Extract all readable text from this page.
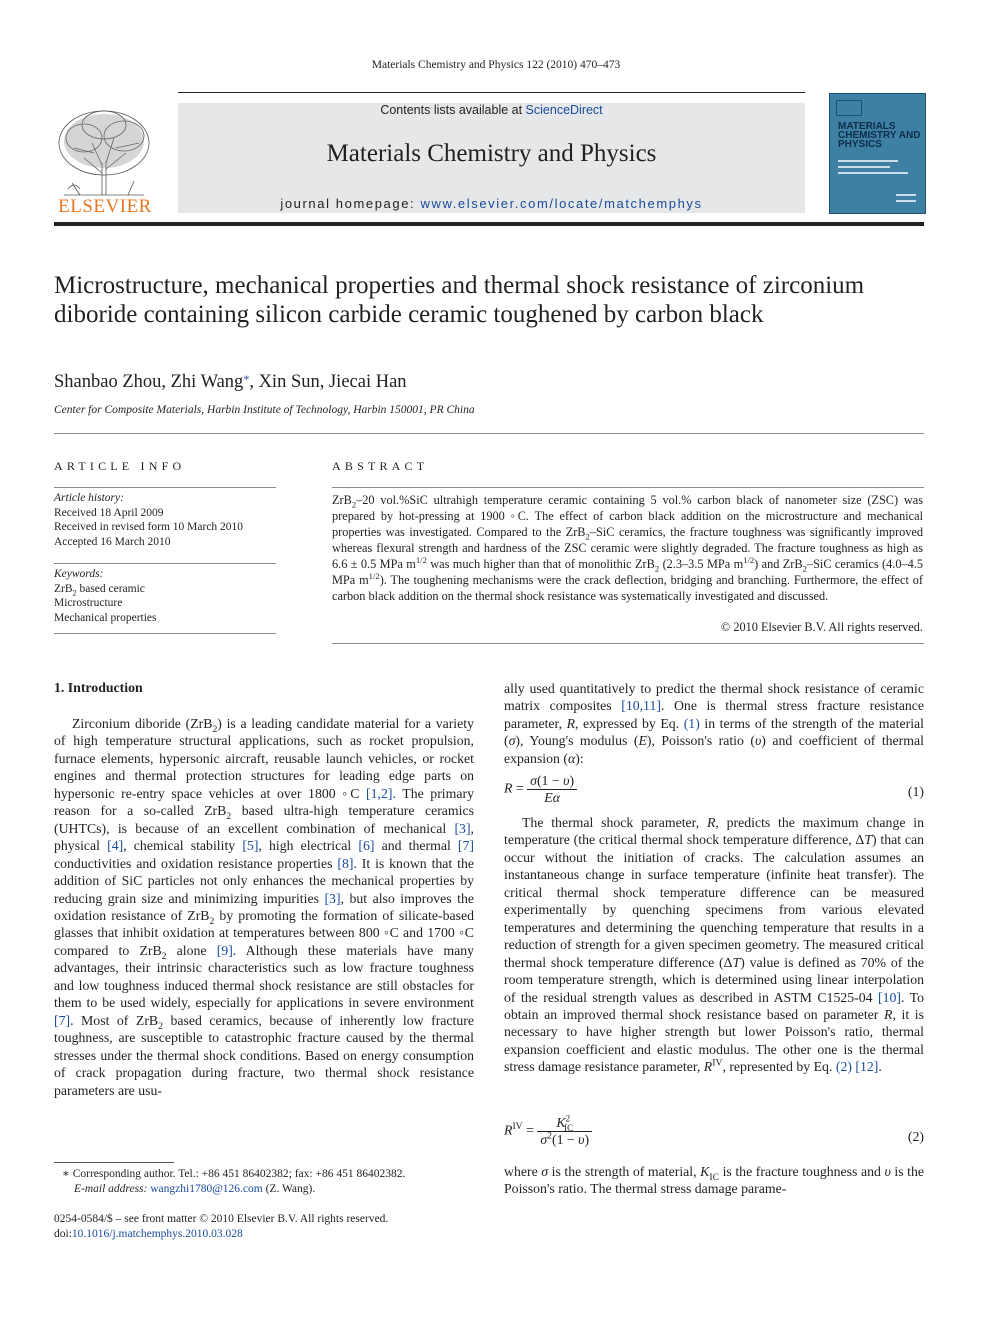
Materials Chemistry and Physics 122 (2010) 470–473
ELSEVIER
Contents lists available at ScienceDirect
Materials Chemistry and Physics
journal homepage: www.elsevier.com/locate/matchemphys
MATERIALS CHEMISTRY AND PHYSICS
Microstructure, mechanical properties and thermal shock resistance of zirconium diboride containing silicon carbide ceramic toughened by carbon black
Shanbao Zhou, Zhi Wang*, Xin Sun, Jiecai Han
Center for Composite Materials, Harbin Institute of Technology, Harbin 150001, PR China
ARTICLE INFO
Article history:
Received 18 April 2009
Received in revised form 10 March 2010
Accepted 16 March 2010
Keywords:
ZrB$_2$ based ceramic
Microstructure
Mechanical properties
ABSTRACT
ZrB$_2$–20 vol.%SiC ultrahigh temperature ceramic containing 5 vol.% carbon black of nanometer size (ZSC) was prepared by hot-pressing at 1900 ◦C. The effect of carbon black addition on the microstructure and mechanical properties was investigated. Compared to the ZrB$_2$–SiC ceramics, the fracture toughness was significantly improved whereas flexural strength and hardness of the ZSC ceramic were slightly degraded. The fracture toughness as high as 6.6 ± 0.5 MPa $m^{1/2}$ was much higher than that of monolithic ZrB$_2$ (2.3–3.5 MPa $m^{1/2}$) and ZrB$_2$–SiC ceramics (4.0–4.5 MPa $m^{1/2}$). The toughening mechanisms were the crack deflection, bridging and branching. Furthermore, the effect of carbon black addition on the thermal shock resistance was systematically investigated and discussed.
© 2010 Elsevier B.V. All rights reserved.
1. Introduction

Zirconium diboride (ZrB$_2$) is a leading candidate material for a variety of high temperature structural applications, such as rocket propulsion, furnace elements, hypersonic aircraft, reusable launch vehicles, or rocket engines and thermal protection structures for leading edge parts on hypersonic re-entry space vehicles at over 1800 ◦C [1,2]. The primary reason for a so-called ZrB$_2$ based ultra-high temperature ceramics (UHTCs), is because of an excellent combination of mechanical [3], physical [4], chemical stability [5], high electrical [6] and thermal [7] conductivities and oxidation resistance properties [8]. It is known that the addition of SiC particles not only enhances the mechanical properties by reducing grain size and minimizing impurities [3], but also improves the oxidation resistance of ZrB$_2$ by promoting the formation of silicate-based glasses that inhibit oxidation at temperatures between 800 ◦C and 1700 ◦C compared to ZrB$_2$ alone [9]. Although these materials have many advantages, their intrinsic characteristics such as low fracture toughness and low toughness induced thermal shock resistance are still obstacles for them to be used widely, especially for applications in severe environment [7]. Most of ZrB$_2$ based ceramics, because of inherently low fracture toughness, are susceptible to catastrophic fracture caused by the thermal stresses under the thermal shock conditions. Based on energy consumption of crack propagation during fracture, two thermal shock resistance parameters are usu-

ally used quantitatively to predict the thermal shock resistance of ceramic matrix composites [10,11]. One is thermal stress fracture resistance parameter, R, expressed by Eq. (1) in terms of the strength of the material (σ), Young's modulus (E), Poisson's ratio (υ) and coefficient of thermal expansion (α):

$R = \frac{\sigma(1 - \upsilon)}{E\alpha}$	(1)

The thermal shock parameter, R, predicts the maximum change in temperature (the critical thermal shock temperature difference, ΔT) that can occur without the initiation of cracks. The calculation assumes an instantaneous change in surface temperature (infinite heat transfer). The critical thermal shock temperature difference can be measured experimentally by quenching specimens from various elevated temperatures and determining the quenching temperature that results in a reduction of strength for a given specimen geometry. The measured critical thermal shock temperature difference (ΔT) value is defined as 70% of the room temperature strength, which is determined using linear interpolation of the residual strength values as described in ASTM C1525-04 [10]. To obtain an improved thermal shock resistance based on parameter R, it is necessary to have higher strength but lower Poisson's ratio, thermal expansion coefficient and elastic modulus. The other one is the thermal stress damage resistance parameter, $R^{IV}$, represented by Eq. (2) [12].

$R^{IV} = \frac{K^2_{IC}}{\sigma^2(1 - \upsilon)}$	(2)

where σ is the strength of material, $K_{IC}$ is the fracture toughness and υ is the Poisson's ratio. The thermal stress damage parame-

∗ Corresponding author. Tel.: +86 451 86402382; fax: +86 451 86402382.
E-mail address: wangzhi1780@126.com (Z. Wang).
0254-0584/$ – see front matter © 2010 Elsevier B.V. All rights reserved.
doi:10.1016/j.matchemphys.2010.03.028
